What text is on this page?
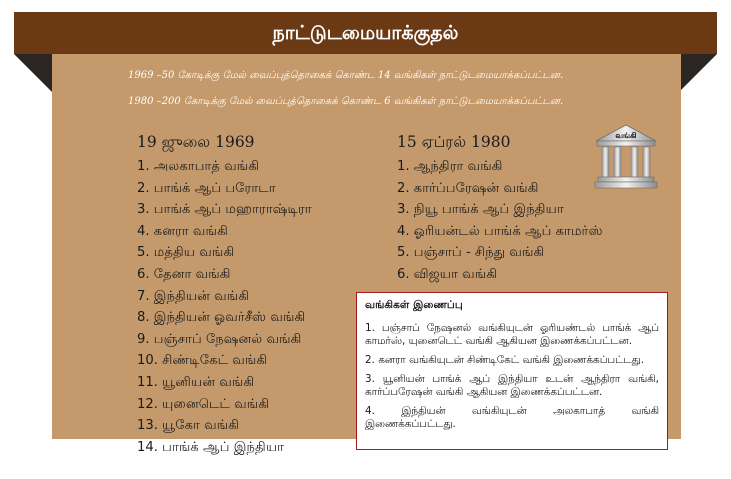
நாட்டுடமையாக்குதல்
1969 –50 கோடிக்கு மேல் வைப்புத்தொகைக் கொண்ட 14 வங்கிகள் நாட்டுடமையாக்கப்பட்டன.
1980 –200 கோடிக்கு மேல் வைப்புத்தொகைக் கொண்ட 6 வங்கிகள் நாட்டுடமையாக்கப்பட்டன.
19 ஜுலை 1969
1. அலகாபாத் வங்கி
2. பாங்க் ஆப் பரோடா
3. பாங்க் ஆப் மஹாராஷ்டிரா
4. கனரா வங்கி
5. மத்திய வங்கி
6. தேனா வங்கி
7. இந்தியன் வங்கி
8. இந்தியன் ஓவர்சீஸ் வங்கி
9. பஞ்சாப் நேஷனல் வங்கி
10. சிண்டிகேட் வங்கி
11. யூனியன் வங்கி
12. யுனைடெட் வங்கி
13. யூகோ வங்கி
14. பாங்க் ஆப் இந்தியா
15 ஏப்ரல் 1980
1. ஆந்திரா வங்கி
2. கார்ப்பரேஷன் வங்கி
3. நியூ பாங்க் ஆப் இந்தியா
4. ஓரியன்டல் பாங்க் ஆப் காமர்ஸ்
5. பஞ்சாப் - சிந்து வங்கி
6. விஜயா வங்கி
வங்கி
வங்கிகள் இணைப்பு
1. பஞ்சாப் நேஷனல் வங்கியுடன் ஓரியண்டல் பாங்க் ஆப் காமர்ஸ், யுனைடெட் வங்கி ஆகியன இணைக்கப்பட்டன.
2. கனரா வங்கியுடன் சிண்டிகேட் வங்கி இணைக்கப்பட்டது.
3. யூனியன் பாங்க் ஆப் இந்தியா உடன் ஆந்திரா வங்கி, கார்ப்பரேஷன் வங்கி ஆகியன இணைக்கப்பட்டன.
4. இந்தியன் வங்கியுடன் அலகாபாத் வங்கி இணைக்கப்பட்டது.
